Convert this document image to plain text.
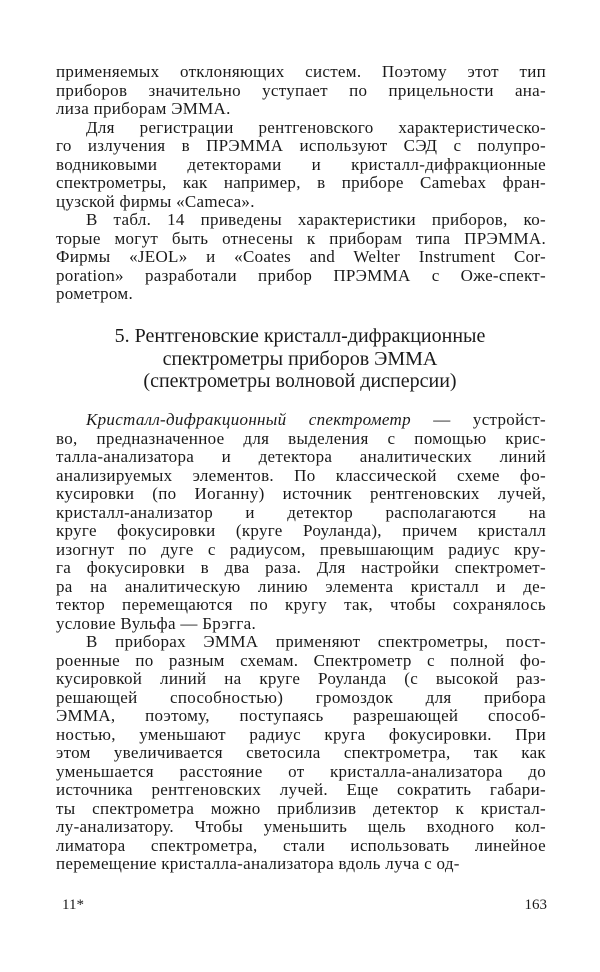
применяемых отклоняющих систем. Поэтому этот тип
приборов значительно уступает по прицельности ана-
лиза приборам ЭММА.
Для регистрации рентгеновского характеристическо-
го излучения в ПРЭММА используют СЭД с полупро-
водниковыми детекторами и кристалл-дифракционные
спектрометры, как например, в приборе Camebax фран-
цузской фирмы «Cameca».
В табл. 14 приведены характеристики приборов, ко-
торые могут быть отнесены к приборам типа ПРЭММА.
Фирмы «JEOL» и «Coates and Welter Instrument Cor-
poration» разработали прибор ПРЭММА с Оже-спект-
рометром.
5. Рентгеновские кристалл-дифракционные
спектрометры приборов ЭММА
(спектрометры волновой дисперсии)
Кристалл-дифракционный спектрометр — устройст-
во, предназначенное для выделения с помощью крис-
талла-анализатора и детектора аналитических линий
анализируемых элементов. По классической схеме фо-
кусировки (по Иоганну) источник рентгеновских лучей,
кристалл-анализатор и детектор располагаются на
круге фокусировки (круге Роуланда), причем кристалл
изогнут по дуге с радиусом, превышающим радиус кру-
га фокусировки в два раза. Для настройки спектромет-
ра на аналитическую линию элемента кристалл и де-
тектор перемещаются по кругу так, чтобы сохранялось
условие Вульфа — Брэгга.
В приборах ЭММА применяют спектрометры, пост-
роенные по разным схемам. Спектрометр с полной фо-
кусировкой линий на круге Роуланда (с высокой раз-
решающей способностью) громоздок для прибора
ЭММА, поэтому, поступаясь разрешающей способ-
ностью, уменьшают радиус круга фокусировки. При
этом увеличивается светосила спектрометра, так как
уменьшается расстояние от кристалла-анализатора до
источника рентгеновских лучей. Еще сократить габари-
ты спектрометра можно приблизив детектор к кристал-
лу-анализатору. Чтобы уменьшить щель входного кол-
лиматора спектрометра, стали использовать линейное
перемещение кристалла-анализатора вдоль луча с од-
11*	163
